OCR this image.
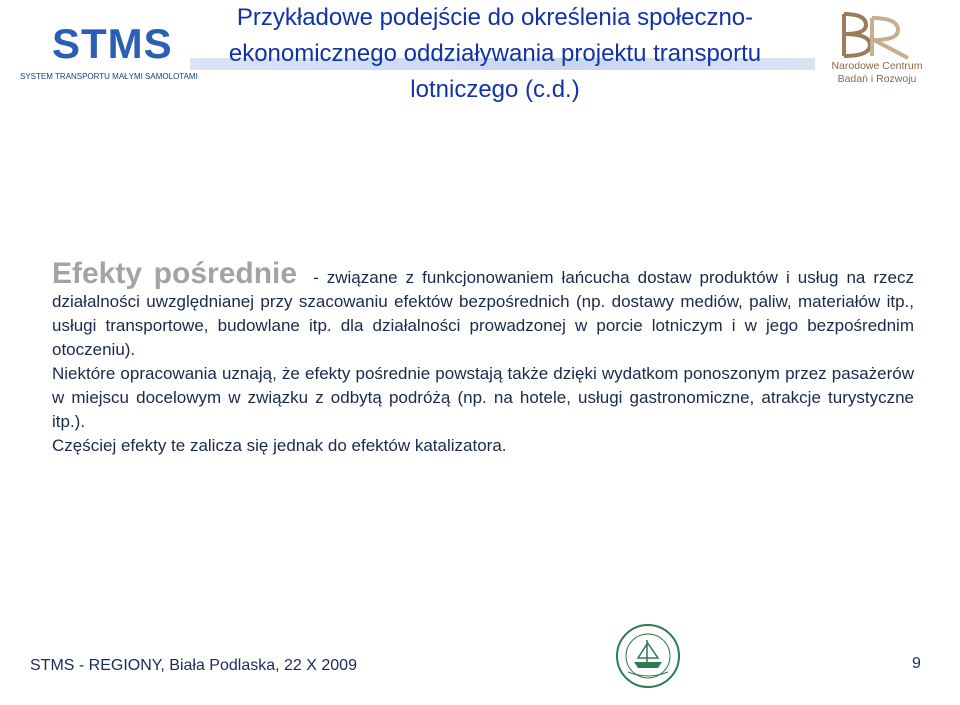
STMS
SYSTEM TRANSPORTU MAŁYMI SAMOLOTAMI
Przykładowe podejście do określenia społeczno-
ekonomicznego oddziaływania projektu transportu
lotniczego (c.d.)
Narodowe Centrum
Badań i Rozwoju

Efekty pośrednie - związane z funkcjonowaniem łańcucha dostaw produktów i usług na rzecz działalności uwzględnianej przy szacowaniu efektów bezpośrednich (np. dostawy mediów, paliw, materiałów itp., usługi transportowe, budowlane itp. dla działalności prowadzonej w porcie lotniczym i w jego bezpośrednim otoczeniu).

Niektóre opracowania uznają, że efekty pośrednie powstają także dzięki wydatkom ponoszonym przez pasażerów w miejscu docelowym w związku z odbytą podróżą (np. na hotele, usługi gastronomiczne, atrakcje turystyczne itp.).

Częściej efekty te zalicza się jednak do efektów katalizatora.

STMS - REGIONY, Biała Podlaska, 22 X 2009	9
